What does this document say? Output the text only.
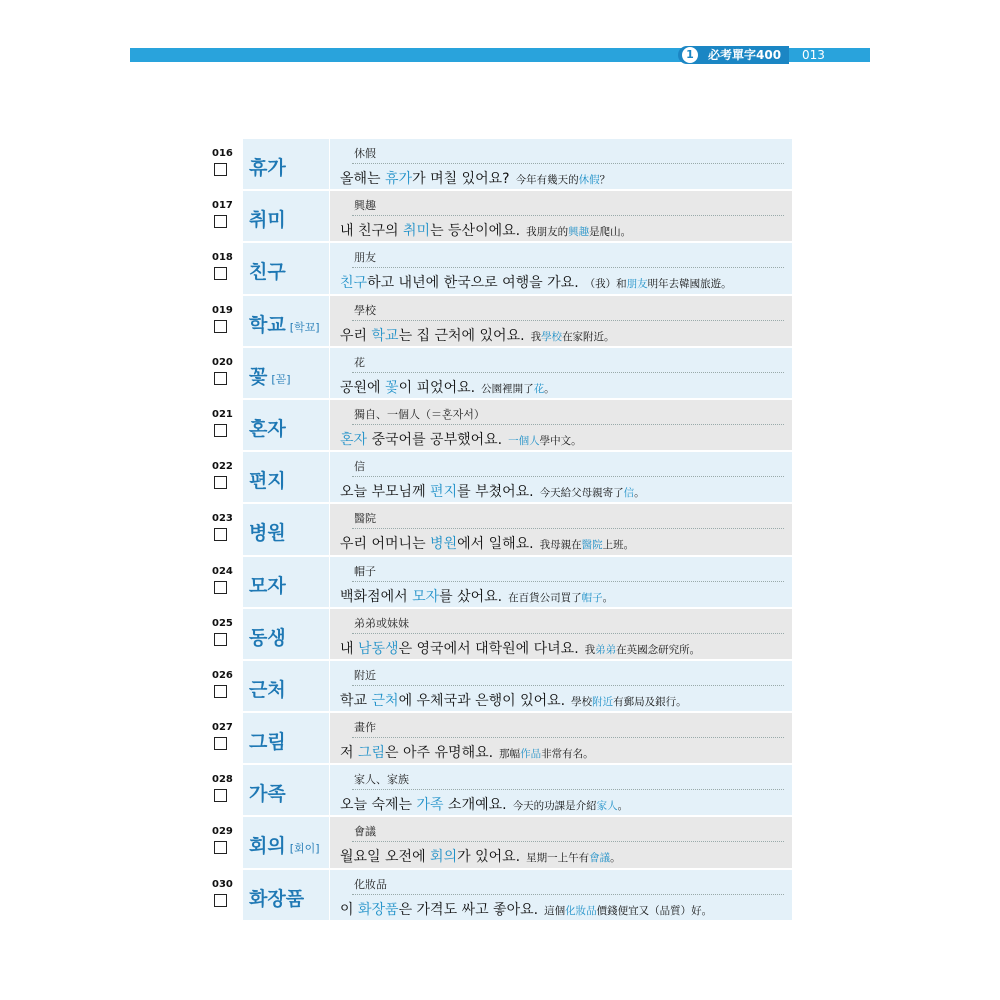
1	必考單字400	013
016
휴가
休假
올해는 휴가가 며칠 있어요? 今年有幾天的休假？
017
취미
興趣
내 친구의 취미는 등산이에요. 我朋友的興趣是爬山。
018
친구
朋友
친구하고 내년에 한국으로 여행을 가요. （我）和朋友明年去韓國旅遊。
019
학교 [학꾜]
學校
우리 학교는 집 근처에 있어요. 我學校在家附近。
020
꽃 [꼳]
花
공원에 꽃이 피었어요. 公園裡開了花。
021
혼자
獨自、一個人（＝혼자서）
혼자 중국어를 공부했어요. 一個人學中文。
022
편지
信
오늘 부모님께 편지를 부쳤어요. 今天給父母親寄了信。
023
병원
醫院
우리 어머니는 병원에서 일해요. 我母親在醫院上班。
024
모자
帽子
백화점에서 모자를 샀어요. 在百貨公司買了帽子。
025
동생
弟弟或妹妹
내 남동생은 영국에서 대학원에 다녀요. 我弟弟在英國念研究所。
026
근처
附近
학교 근처에 우체국과 은행이 있어요. 學校附近有郵局及銀行。
027
그림
畫作
저 그림은 아주 유명해요. 那幅作品非常有名。
028
가족
家人、家族
오늘 숙제는 가족 소개예요. 今天的功課是介紹家人。
029
회의 [회이]
會議
월요일 오전에 회의가 있어요. 星期一上午有會議。
030
화장품
化妝品
이 화장품은 가격도 싸고 좋아요. 這個化妝品價錢便宜又（品質）好。
